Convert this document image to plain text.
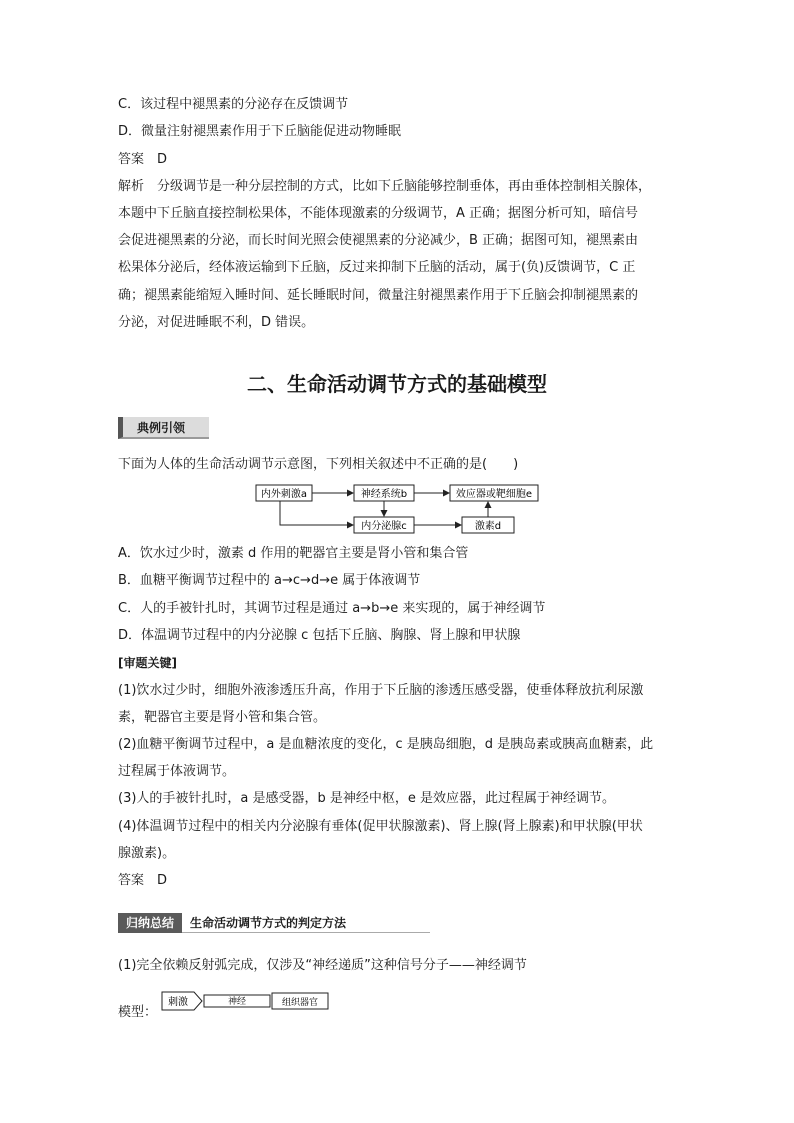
C．该过程中褪黑素的分泌存在反馈调节
D．微量注射褪黑素作用于下丘脑能促进动物睡眠
答案　D
解析　分级调节是一种分层控制的方式，比如下丘脑能够控制垂体，再由垂体控制相关腺体，
本题中下丘脑直接控制松果体，不能体现激素的分级调节，A 正确；据图分析可知，暗信号
会促进褪黑素的分泌，而长时间光照会使褪黑素的分泌减少，B 正确；据图可知，褪黑素由
松果体分泌后，经体液运输到下丘脑，反过来抑制下丘脑的活动，属于(负)反馈调节，C 正
确；褪黑素能缩短入睡时间、延长睡眠时间，微量注射褪黑素作用于下丘脑会抑制褪黑素的
分泌，对促进睡眠不利，D 错误。
二、生命活动调节方式的基础模型
典例引领
下面为人体的生命活动调节示意图，下列相关叙述中不正确的是(　　)
内外刺激a	神经系统b	效应器或靶细胞e
内分泌腺c	激素d
A．饮水过少时，激素 d 作用的靶器官主要是肾小管和集合管
B．血糖平衡调节过程中的 a→c→d→e 属于体液调节
C．人的手被针扎时，其调节过程是通过 a→b→e 来实现的，属于神经调节
D．体温调节过程中的内分泌腺 c 包括下丘脑、胸腺、肾上腺和甲状腺
[审题关键]
(1)饮水过少时，细胞外液渗透压升高，作用于下丘脑的渗透压感受器，使垂体释放抗利尿激
素，靶器官主要是肾小管和集合管。
(2)血糖平衡调节过程中，a 是血糖浓度的变化，c 是胰岛细胞，d 是胰岛素或胰高血糖素，此
过程属于体液调节。
(3)人的手被针扎时，a 是感受器，b 是神经中枢，e 是效应器，此过程属于神经调节。
(4)体温调节过程中的相关内分泌腺有垂体(促甲状腺激素)、肾上腺(肾上腺素)和甲状腺(甲状
腺激素)。
答案　D
归纳总结	生命活动调节方式的判定方法
(1)完全依赖反射弧完成，仅涉及“神经递质”这种信号分子——神经调节
模型：
刺激	神经	组织器官
